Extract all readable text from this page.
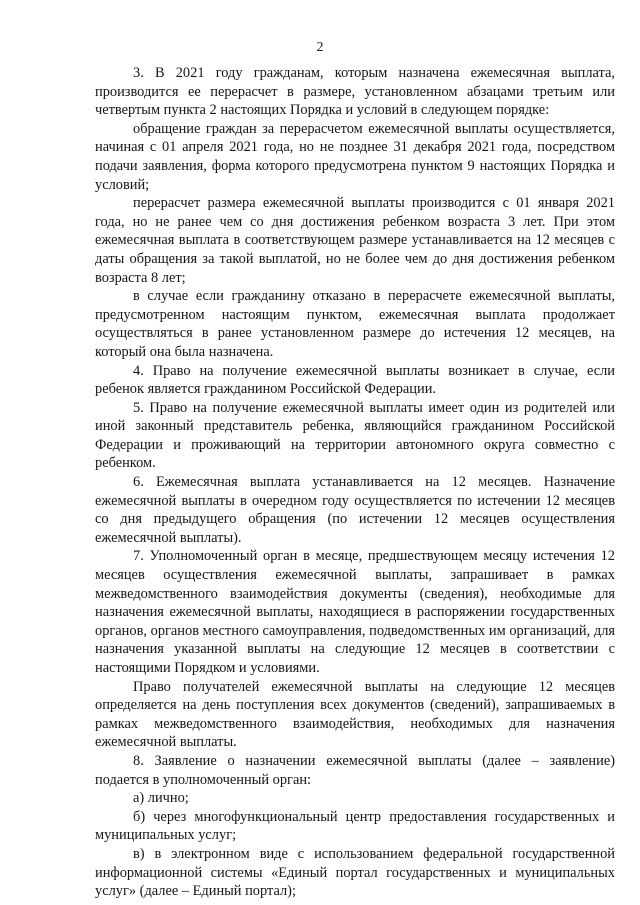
2

3. В 2021 году гражданам, которым назначена ежемесячная выплата, производится ее перерасчет в размере, установленном абзацами третьим или четвертым пункта 2 настоящих Порядка и условий в следующем порядке:

обращение граждан за перерасчетом ежемесячной выплаты осуществляется, начиная с 01 апреля 2021 года, но не позднее 31 декабря 2021 года, посредством подачи заявления, форма которого предусмотрена пунктом 9 настоящих Порядка и условий;

перерасчет размера ежемесячной выплаты производится с 01 января 2021 года, но не ранее чем со дня достижения ребенком возраста 3 лет. При этом ежемесячная выплата в соответствующем размере устанавливается на 12 месяцев с даты обращения за такой выплатой, но не более чем до дня достижения ребенком возраста 8 лет;

в случае если гражданину отказано в перерасчете ежемесячной выплаты, предусмотренном настоящим пунктом, ежемесячная выплата продолжает осуществляться в ранее установленном размере до истечения 12 месяцев, на который она была назначена.

4. Право на получение ежемесячной выплаты возникает в случае, если ребенок является гражданином Российской Федерации.

5. Право на получение ежемесячной выплаты имеет один из родителей или иной законный представитель ребенка, являющийся гражданином Российской Федерации и проживающий на территории автономного округа совместно с ребенком.

6. Ежемесячная выплата устанавливается на 12 месяцев. Назначение ежемесячной выплаты в очередном году осуществляется по истечении 12 месяцев со дня предыдущего обращения (по истечении 12 месяцев осуществления ежемесячной выплаты).

7. Уполномоченный орган в месяце, предшествующем месяцу истечения 12 месяцев осуществления ежемесячной выплаты, запрашивает в рамках межведомственного взаимодействия документы (сведения), необходимые для назначения ежемесячной выплаты, находящиеся в распоряжении государственных органов, органов местного самоуправления, подведомственных им организаций, для назначения указанной выплаты на следующие 12 месяцев в соответствии с настоящими Порядком и условиями.

Право получателей ежемесячной выплаты на следующие 12 месяцев определяется на день поступления всех документов (сведений), запрашиваемых в рамках межведомственного взаимодействия, необходимых для назначения ежемесячной выплаты.

8. Заявление о назначении ежемесячной выплаты (далее – заявление) подается в уполномоченный орган:

а) лично;

б) через многофункциональный центр предоставления государственных и муниципальных услуг;

в) в электронном виде с использованием федеральной государственной информационной системы «Единый портал государственных и муниципальных услуг» (далее – Единый портал);
